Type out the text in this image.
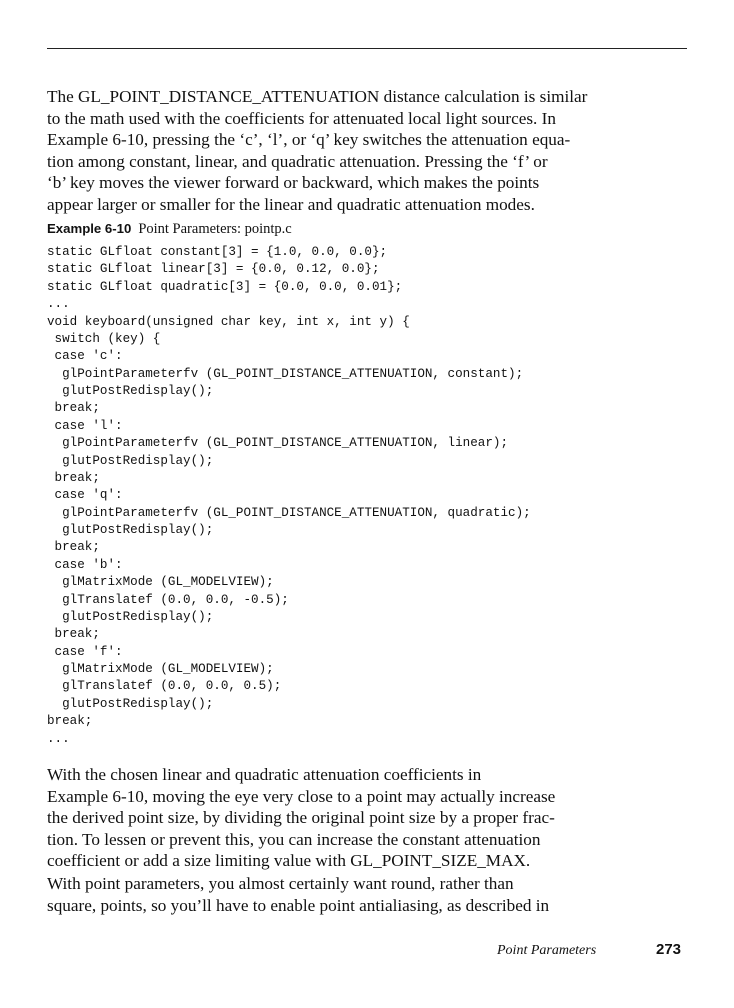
The GL_POINT_DISTANCE_ATTENUATION distance calculation is similar
to the math used with the coefficients for attenuated local light sources. In
Example 6-10, pressing the ‘c’, ‘l’, or ‘q’ key switches the attenuation equa-
tion among constant, linear, and quadratic attenuation. Pressing the ‘f’ or
‘b’ key moves the viewer forward or backward, which makes the points
appear larger or smaller for the linear and quadratic attenuation modes.

Example 6-10 Point Parameters: pointp.c
static GLfloat constant[3] = {1.0, 0.0, 0.0};
static GLfloat linear[3] = {0.0, 0.12, 0.0};
static GLfloat quadratic[3] = {0.0, 0.0, 0.01};
...
void keyboard(unsigned char key, int x, int y) {
switch (key) {
case 'c':
glPointParameterfv (GL_POINT_DISTANCE_ATTENUATION, constant);
glutPostRedisplay();
break;
case 'l':
glPointParameterfv (GL_POINT_DISTANCE_ATTENUATION, linear);
glutPostRedisplay();
break;
case 'q':
glPointParameterfv (GL_POINT_DISTANCE_ATTENUATION, quadratic);
glutPostRedisplay();
break;
case 'b':
glMatrixMode (GL_MODELVIEW);
glTranslatef (0.0, 0.0, -0.5);
glutPostRedisplay();
break;
case 'f':
glMatrixMode (GL_MODELVIEW);
glTranslatef (0.0, 0.0, 0.5);
glutPostRedisplay();
break;
...

With the chosen linear and quadratic attenuation coefficients in
Example 6-10, moving the eye very close to a point may actually increase
the derived point size, by dividing the original point size by a proper frac-
tion. To lessen or prevent this, you can increase the constant attenuation
coefficient or add a size limiting value with GL_POINT_SIZE_MAX.

With point parameters, you almost certainly want round, rather than
square, points, so you’ll have to enable point antialiasing, as described in

Point Parameters	273
